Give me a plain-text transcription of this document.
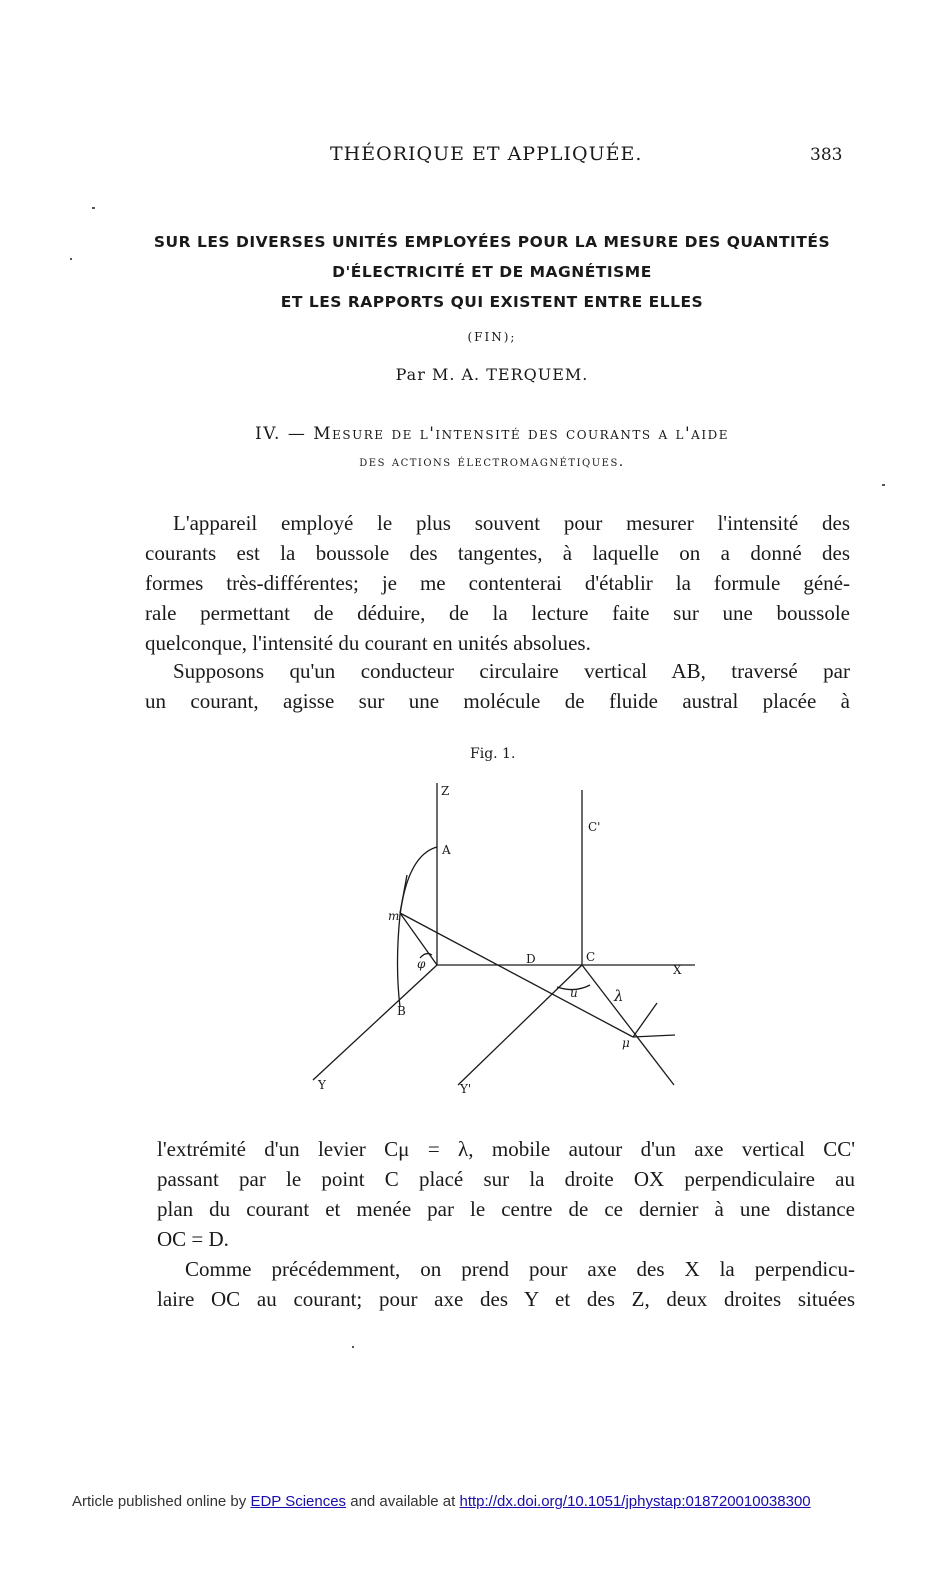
THÉORIQUE ET APPLIQUÉE.	383
SUR LES DIVERSES UNITÉS EMPLOYÉES POUR LA MESURE DES QUANTITÉS
D'ÉLECTRICITÉ ET DE MAGNÉTISME
ET LES RAPPORTS QUI EXISTENT ENTRE ELLES
(FIN);
Par M. A. TERQUEM.
IV. — Mesure de l'intensité des courants a l'aide
des actions électromagnétiques.
L'appareil employé le plus souvent pour mesurer l'intensité des
courants est la boussole des tangentes, à laquelle on a donné des
formes très-différentes; je me contenterai d'établir la formule géné-
rale permettant de déduire, de la lecture faite sur une boussole
quelconque, l'intensité du courant en unités absolues.
Supposons qu'un conducteur circulaire vertical AB, traversé par
un courant, agisse sur une molécule de fluide austral placée à
Fig. 1.
Z
A
m
φ
B
Y	Y'
D
C'
C
X
u λ
μ
l'extrémité d'un levier Cμ = λ, mobile autour d'un axe vertical CC'
passant par le point C placé sur la droite OX perpendiculaire au
plan du courant et menée par le centre de ce dernier à une distance
OC = D.
Comme précédemment, on prend pour axe des X la perpendicu-
laire OC au courant; pour axe des Y et des Z, deux droites situées
Article published online by EDP Sciences and available at http://dx.doi.org/10.1051/jphystap:018720010038300
